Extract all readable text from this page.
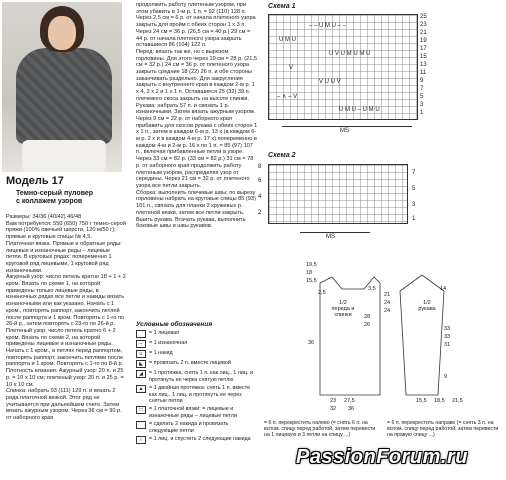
Модель 17
Темно-серый пуловер
с коллажем узоров
Размеры: 34/36 (40/42) 46/48
Вам потребуется: 550 (650) 750 г темно-серой пряжи (100% овечьей шерсти, 120 м/50 г); прямые и круговые спицы № 4,5.
Платочная вязка. Прямые и обратные ряды: лицевые и изнаночные ряды – лицевые петли. В круговых рядах: попеременно 1 круговой ряд лицевыми, 1 круговой ряд изнаночными.
Ажурный узор: число петель кратно 18 + 1 + 2 кром. Вязать по схеме 1, на которой приведены только лицевые ряды, в изнаночных рядах все петли и накиды вязать изнаночными или как указано. Начать с 1 кром., повторять раппорт, закончить петлей после раппорта и 1 кром. Повторять с 1-го по 26-й р., затем повторять с 23-го по 26-й р.
Плетеный узор: число петель кратно 6 + 2 кром. Вязать по схеме 2, на которой приведены лицевые и изнаночные ряды. Начать с 1 кром., в петлях перед раппортом, повторять раппорт, закончить петлями после раппорта и 1 кром. Повторять с 1-го по 8-й р.
Плотность вязания. Ажурный узор: 20 п. и 25 р. = 10 х 10 см; плетеный узор: 20 п. и 25 р. = 10 х 10 см.
Спинка: набрать 93 (111) 129 п. и вязать 2 ряда платочной вязкой. Этот ряд не учитывается при дальнейшем счете. Затем вязать ажурным узором. Через 36 см = 90 р. от наборного края
продолжить работу плетеным узором, при этом убавить в 1-м р. 1 п. = 92 (110) 128 п. Через 2,5 см = 6 р. от начала плетеного узора закрыть для пройм с обеих сторон 1 х 3 п. Через 24 см = 36 р. (26,5 см = 40 р.) 29 см = 44 р. от начала плетеного узора закрыть оставшиеся 86 (104) 122 п.
Перед: вязать так же, но с вырезом горловины. Для этого через 19 см = 28 р. (21,5 см = 32 р.) 24 см = 36 р. от плетеного узора закрыть средние 18 (22) 26 п. и обе стороны заканчивать раздельно. Для закругления закрыть с внутреннего края в каждом 2-м р. 1 х 4, 2 х 2 и 1 х 1 п. Оставшиеся 25 (32) 39 п. плечевого скоса закрыть на высоте спинки.
Рукава: набрать 57 п. и связать 1 р. изнаночными. Затем вязать ажурным узором. Через 9 см = 22 р. от наборного края прибавить для скосов рукава с обеих сторон 1 х 1 п., затем в каждом 6-м р. 13 х (в каждом 6-м р. 2 х и в каждом 4-м р. 17 х) попеременно в каждом 4-м и 2-м р. 16 х по 1 п. = 85 (97) 107 п., включая прибавленные петли в узоре. Через 33 см = 82 р. (33 см = 82 р.) 31 см = 78 р. от наборного края продолжить работу плетеным узором, распределяя узор от середины. Через 21 см = 32 р. от плетеного узора все петли закрыть.
Сборка: выполнить плечевые швы; по вырезу горловины набрать на круговые спицы 85 (93) 101 п., связать для планки 2 кружевых р. плетеной вязки, затем все петли закрыть. Вшить рукава. Втачать рукава, выполнить боковые швы и швы рукавов.
Условные обозначения
= 1 лицевая
–	= 1 изнаночная
∪	= 1 накид
◣	= провязать 2 п. вместе лицевой
◢	= 1 протяжка: снять 1 п. как лиц., 1 лиц. и протянуть ее через снятую петлю
▲	= 1 двойная протяжка: снять 1 п. вместе как лиц., 1 лиц. и протянуть ее через снятые петли
□	= 1 платочной вязки: = лицевые и изнаночные ряды – лицевые петли
⌒	= сделать 2 накида и провязать следующие петли
○	= 1 лиц. и спустить 2 следующие накида
Схема 1
– – U M U – –
U M U
U V U M U M U
V
V U U V
– ∧ – V
U M U – U M U
25
23
21
19
17
15
13
11
9
7
5
3
1
MS
Схема 2
8
6
4
2
7
5
3
1
MS
1/2 переда и спинки
1/2 рукава
19,5
18
15,5
2,5
3,5
21
24
24
28
26
36
23 27,5
32 36
14
33
33
31
9
15,5 18,5 21,5
= 6 п. перекрестить налево (= снять 6 п. на вспом. спицу перед работой, затем перевести на 1 лицевую и 3 петли на спицу ...)
= 6 п. перекрестить направо (= снять 3 п. на вспом. спицу перед работой, затем перевести на правую спицу ...)
PassionForum.ru
